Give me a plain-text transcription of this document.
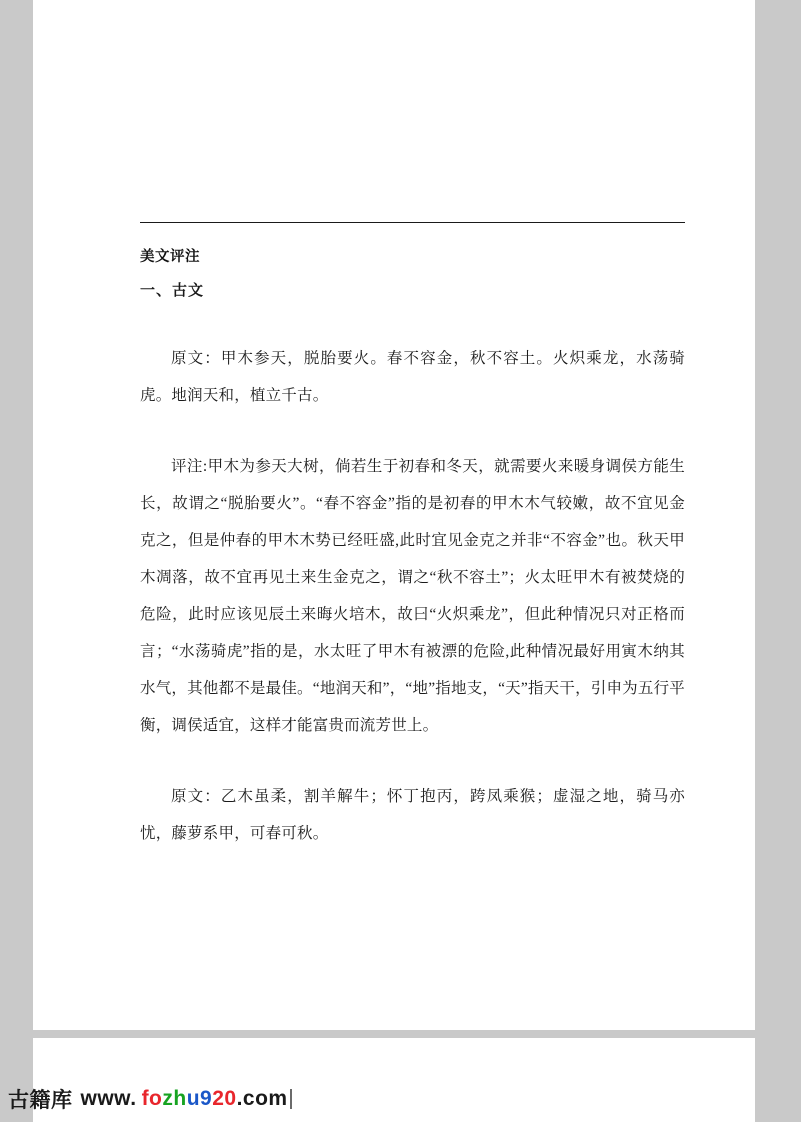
美文评注
一、古文

原文：甲木参天，脱胎要火。春不容金，秋不容土。火炽乘龙，水荡骑虎。地润天和，植立千古。

评注:甲木为参天大树，倘若生于初春和冬天，就需要火来暖身调侯方能生长，故谓之“脱胎要火”。“春不容金”指的是初春的甲木木气较嫩，故不宜见金克之，但是仲春的甲木木势已经旺盛,此时宜见金克之并非“不容金”也。秋天甲木凋落，故不宜再见土来生金克之，谓之“秋不容土”；火太旺甲木有被焚烧的危险，此时应该见辰土来晦火培木，故曰“火炽乘龙”，但此种情况只对正格而言；“水荡骑虎”指的是，水太旺了甲木有被漂的危险,此种情况最好用寅木纳其水气，其他都不是最佳。“地润天和”，“地”指地支，“天”指天干，引申为五行平衡，调侯适宜，这样才能富贵而流芳世上。

原文：乙木虽柔，割羊解牛；怀丁抱丙，跨凤乘猴；虚湿之地，骑马亦忧，藤萝系甲，可春可秋。

古籍库 www. fo zh u9 20 .com
